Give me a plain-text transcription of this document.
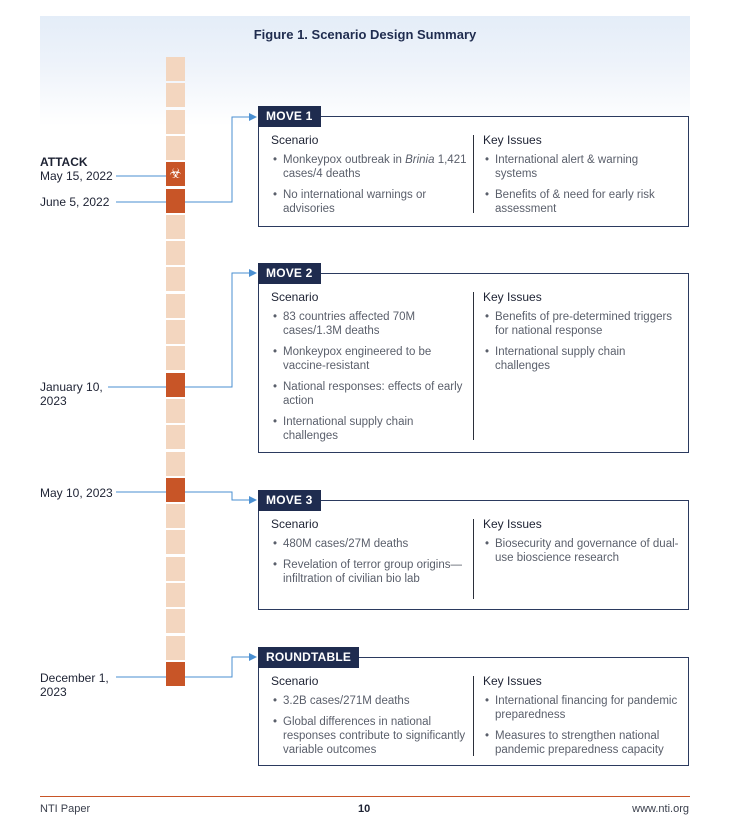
Figure 1. Scenario Design Summary
☣
ATTACK
May 15, 2022
June 5, 2022
January 10,
2023
May 10, 2023
December 1,
2023
Scenario
• Monkeypox outbreak in Brinia 1,421 cases/4 deaths
• No international warnings or advisories
Key Issues
• International alert & warning systems
• Benefits of & need for early risk assessment
MOVE 1
Scenario
• 83 countries affected 70M cases/1.3M deaths
• Monkeypox engineered to be vaccine-resistant
• National responses: effects of early action
• International supply chain challenges
Key Issues
• Benefits of pre-determined triggers for national response
• International supply chain challenges
MOVE 2
Scenario
• 480M cases/27M deaths
• Revelation of terror group origins—infiltration of civilian bio lab
Key Issues
• Biosecurity and governance of dual-use bioscience research
MOVE 3
Scenario
• 3.2B cases/271M deaths
• Global differences in national responses contribute to significantly variable outcomes
Key Issues
• International financing for pandemic preparedness
• Measures to strengthen national pandemic preparedness capacity
ROUNDTABLE
NTI Paper	10	www.nti.org
